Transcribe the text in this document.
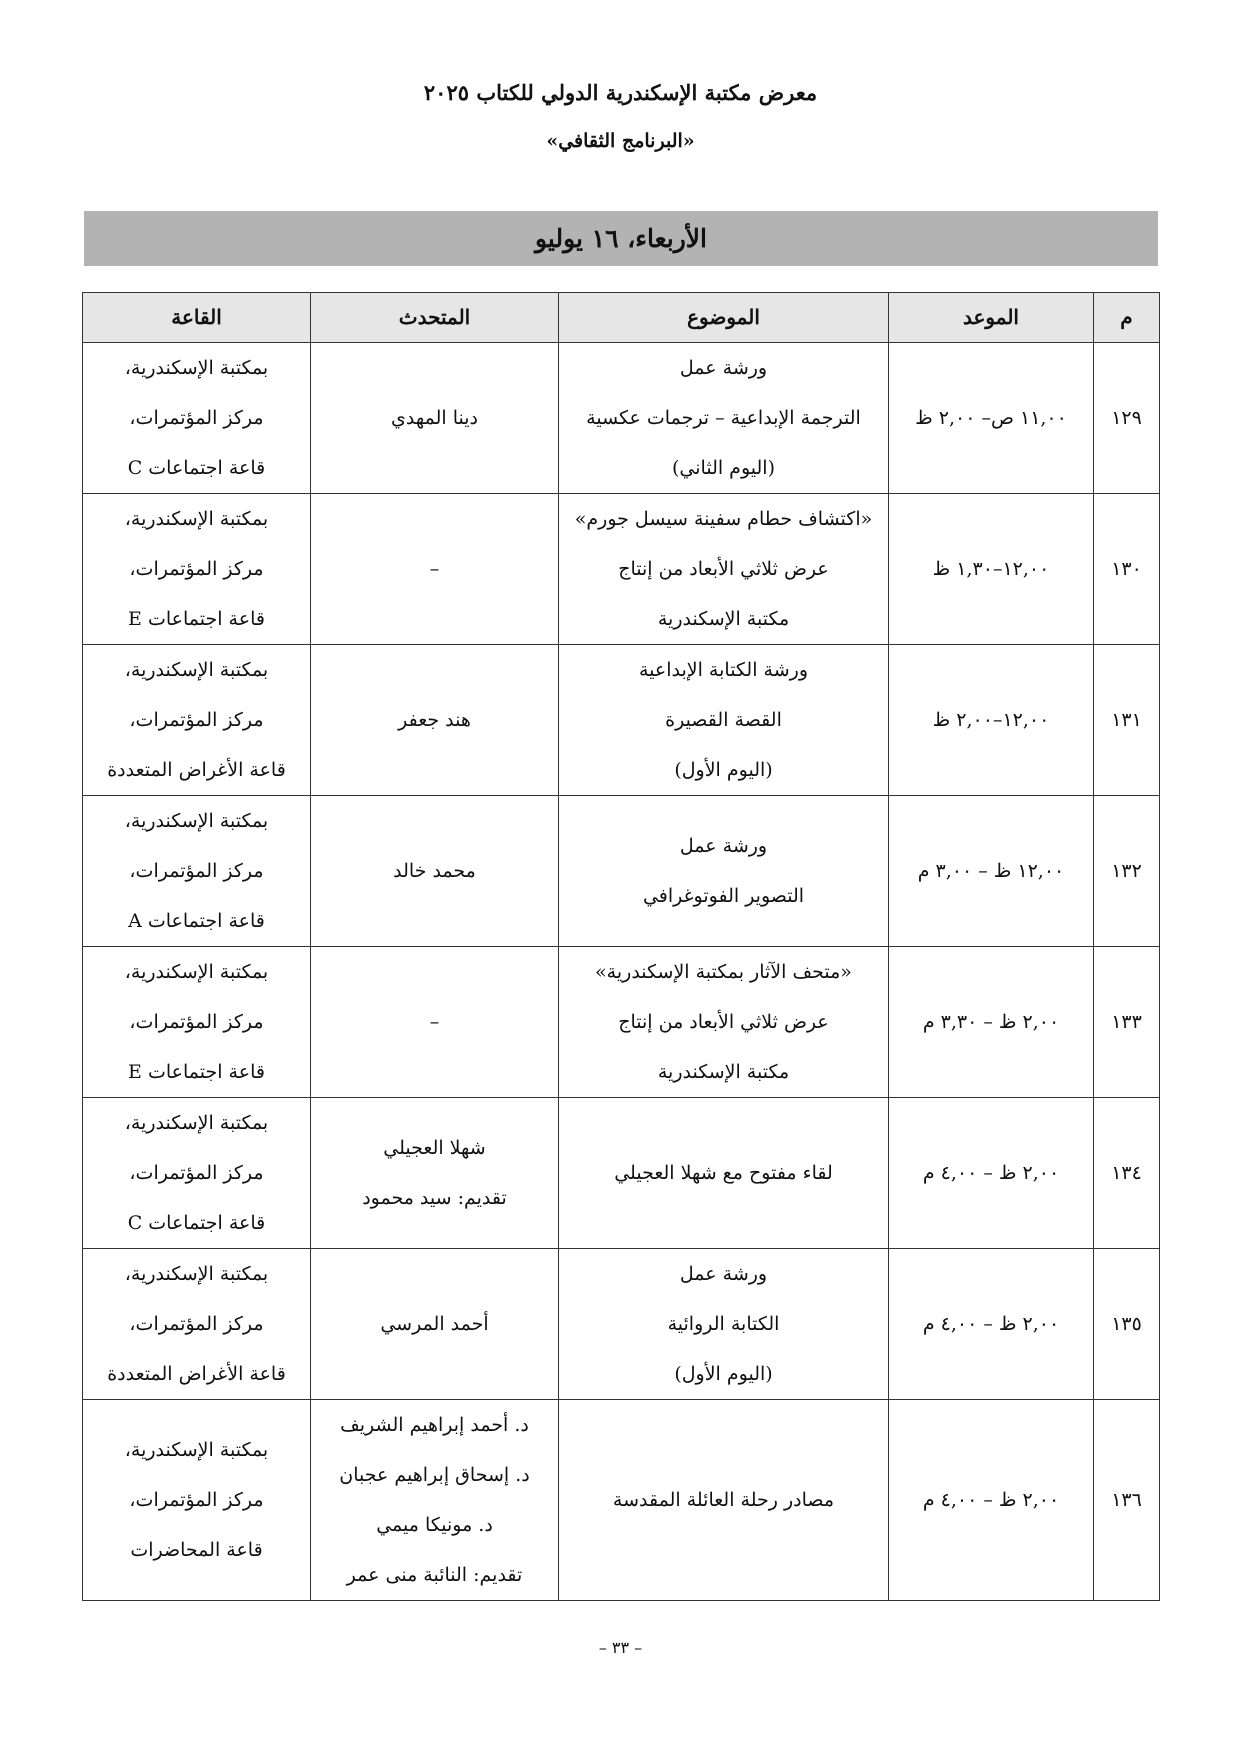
معرض مكتبة الإسكندرية الدولي للكتاب ٢٠٢٥
«البرنامج الثقافي»
الأربعاء، ١٦ يوليو
م	الموعد	الموضوع	المتحدث	القاعة
١٢٩	١١,٠٠ ص– ٢,٠٠ ظ	ورشة عمل
الترجمة الإبداعية – ترجمات عكسية
(اليوم الثاني)	دينا المهدي	بمكتبة الإسكندرية،
مركز المؤتمرات،
قاعة اجتماعات C

١٣٠	١٢,٠٠–١,٣٠ ظ	«اكتشاف حطام سفينة سيسل جورم»
عرض ثلاثي الأبعاد من إنتاج
مكتبة الإسكندرية	–	بمكتبة الإسكندرية،
مركز المؤتمرات،
قاعة اجتماعات E

١٣١	١٢,٠٠–٢,٠٠ ظ	ورشة الكتابة الإبداعية
القصة القصيرة
(اليوم الأول)	هند جعفر	بمكتبة الإسكندرية،
مركز المؤتمرات،
قاعة الأغراض المتعددة

١٣٢	١٢,٠٠ ظ – ٣,٠٠ م	ورشة عمل
التصوير الفوتوغرافي	محمد خالد	بمكتبة الإسكندرية،
مركز المؤتمرات،
قاعة اجتماعات A

١٣٣	٢,٠٠ ظ – ٣,٣٠ م	«متحف الآثار بمكتبة الإسكندرية»
عرض ثلاثي الأبعاد من إنتاج
مكتبة الإسكندرية	–	بمكتبة الإسكندرية،
مركز المؤتمرات،
قاعة اجتماعات E

١٣٤	٢,٠٠ ظ – ٤,٠٠ م	لقاء مفتوح مع شهلا العجيلي	شهلا العجيلي
تقديم: سيد محمود	بمكتبة الإسكندرية،
مركز المؤتمرات،
قاعة اجتماعات C

١٣٥	٢,٠٠ ظ – ٤,٠٠ م	ورشة عمل
الكتابة الروائية
(اليوم الأول)	أحمد المرسي	بمكتبة الإسكندرية،
مركز المؤتمرات،
قاعة الأغراض المتعددة

١٣٦	٢,٠٠ ظ – ٤,٠٠ م	مصادر رحلة العائلة المقدسة	د. أحمد إبراهيم الشريف
د. إسحاق إبراهيم عجبان
د. مونيكا ميمي
تقديم: النائبة منى عمر	بمكتبة الإسكندرية،
مركز المؤتمرات،
قاعة المحاضرات
– ٣٣ –
